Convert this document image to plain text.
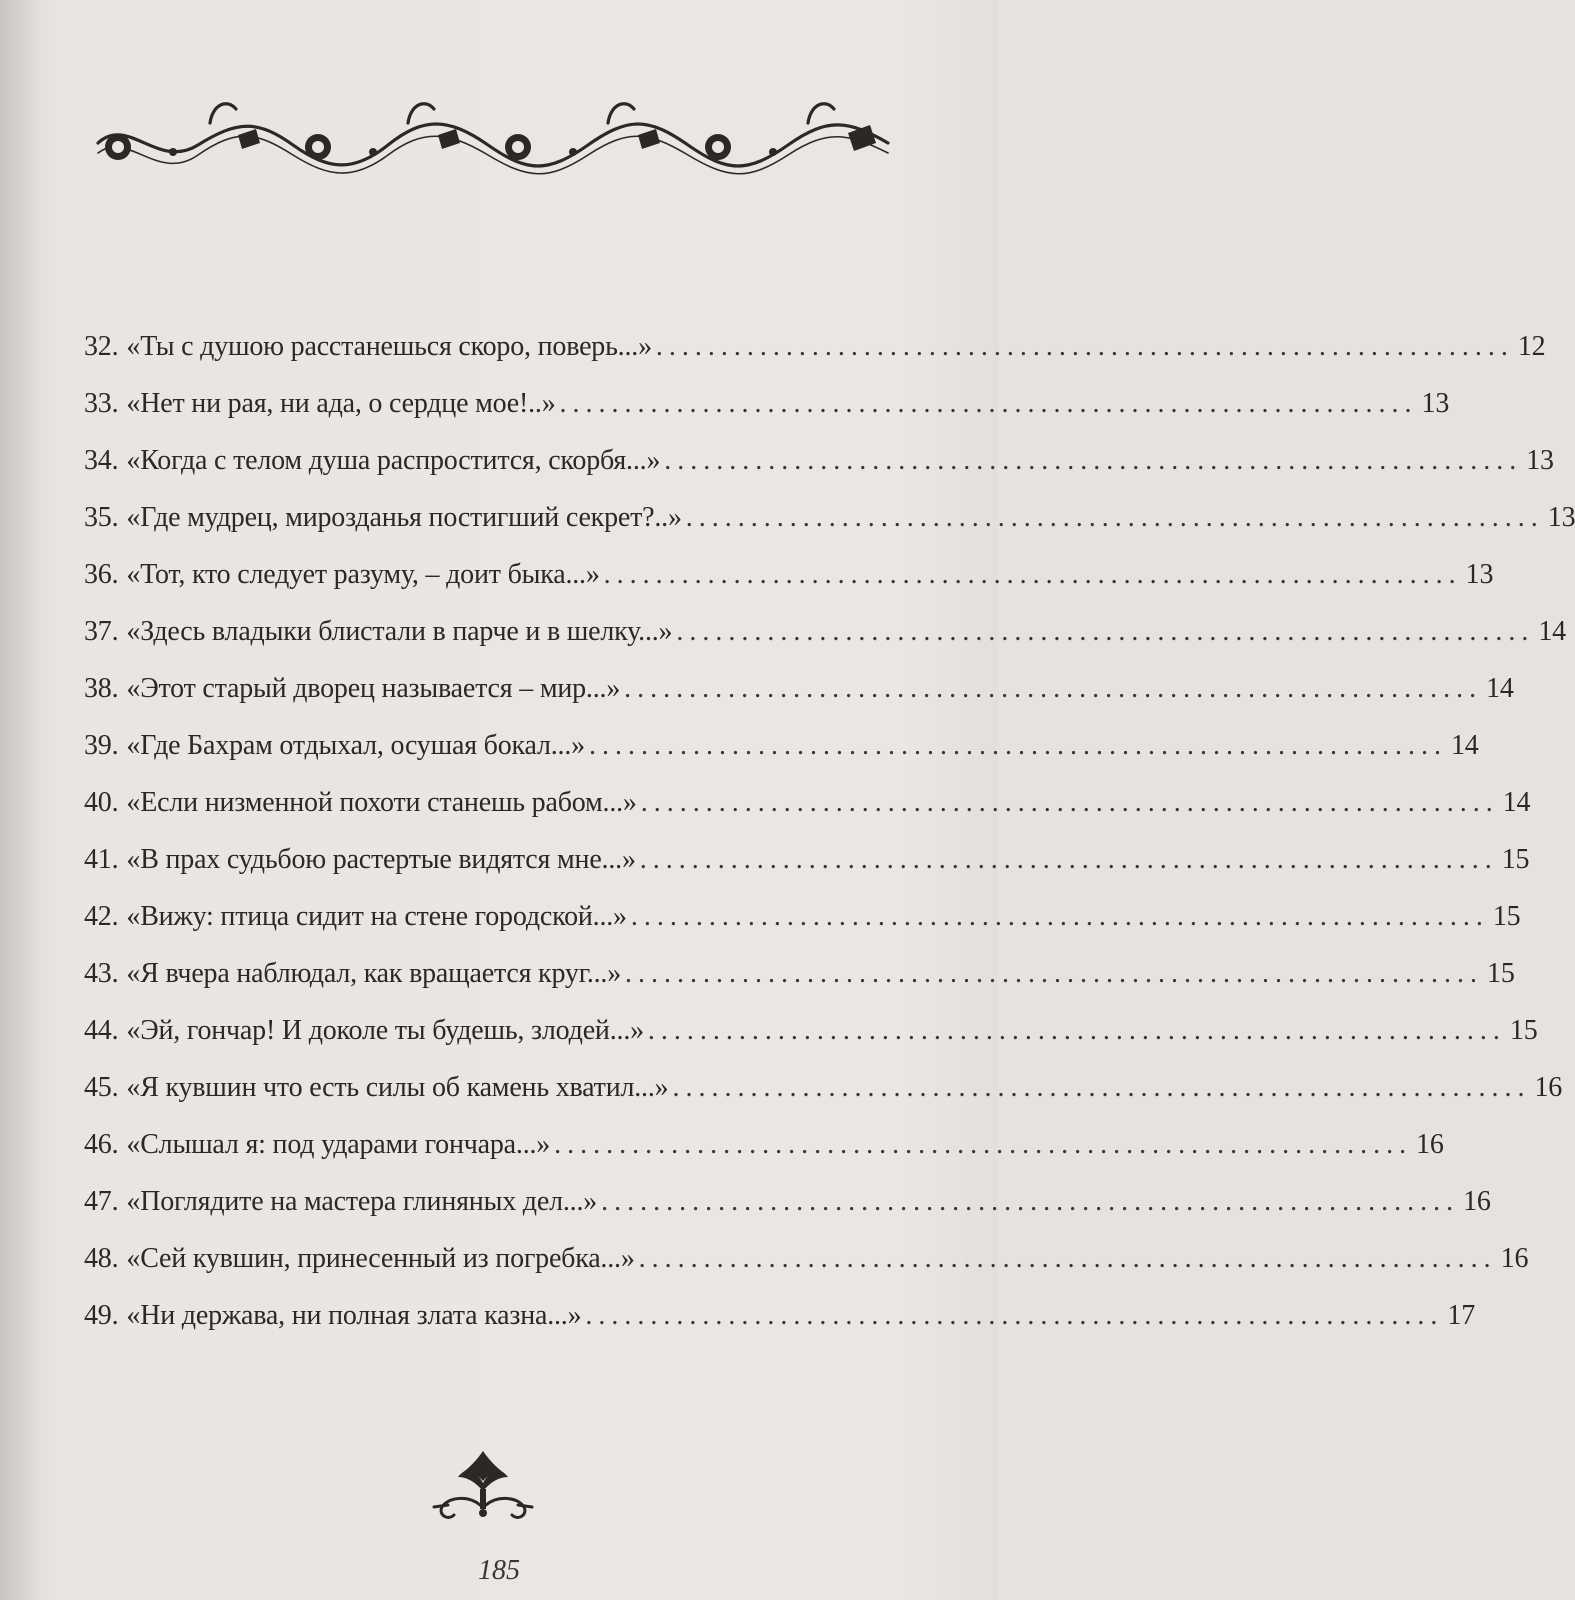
32. «Ты с душою расстанешься скоро, поверь...» .................................................................. 12
33. «Нет ни рая, ни ада, о сердце мое!..» .................................................................. 13
34. «Когда с телом душа распростится, скорбя...» .................................................................. 13
35. «Где мудрец, мирозданья постигший секрет?..» .................................................................. 13
36. «Тот, кто следует разуму, – доит быка...» .................................................................. 13
37. «Здесь владыки блистали в парче и в шелку...» .................................................................. 14
38. «Этот старый дворец называется – мир...» .................................................................. 14
39. «Где Бахрам отдыхал, осушая бокал...» .................................................................. 14
40. «Если низменной похоти станешь рабом...» .................................................................. 14
41. «В прах судьбою растертые видятся мне...» .................................................................. 15
42. «Вижу: птица сидит на стене городской...» .................................................................. 15
43. «Я вчера наблюдал, как вращается круг...» .................................................................. 15
44. «Эй, гончар! И доколе ты будешь, злодей...» .................................................................. 15
45. «Я кувшин что есть силы об камень хватил...» .................................................................. 16
46. «Слышал я: под ударами гончара...» .................................................................. 16
47. «Поглядите на мастера глиняных дел...» .................................................................. 16
48. «Сей кувшин, принесенный из погребка...» .................................................................. 16
49. «Ни держава, ни полная злата казна...» .................................................................. 17
185
